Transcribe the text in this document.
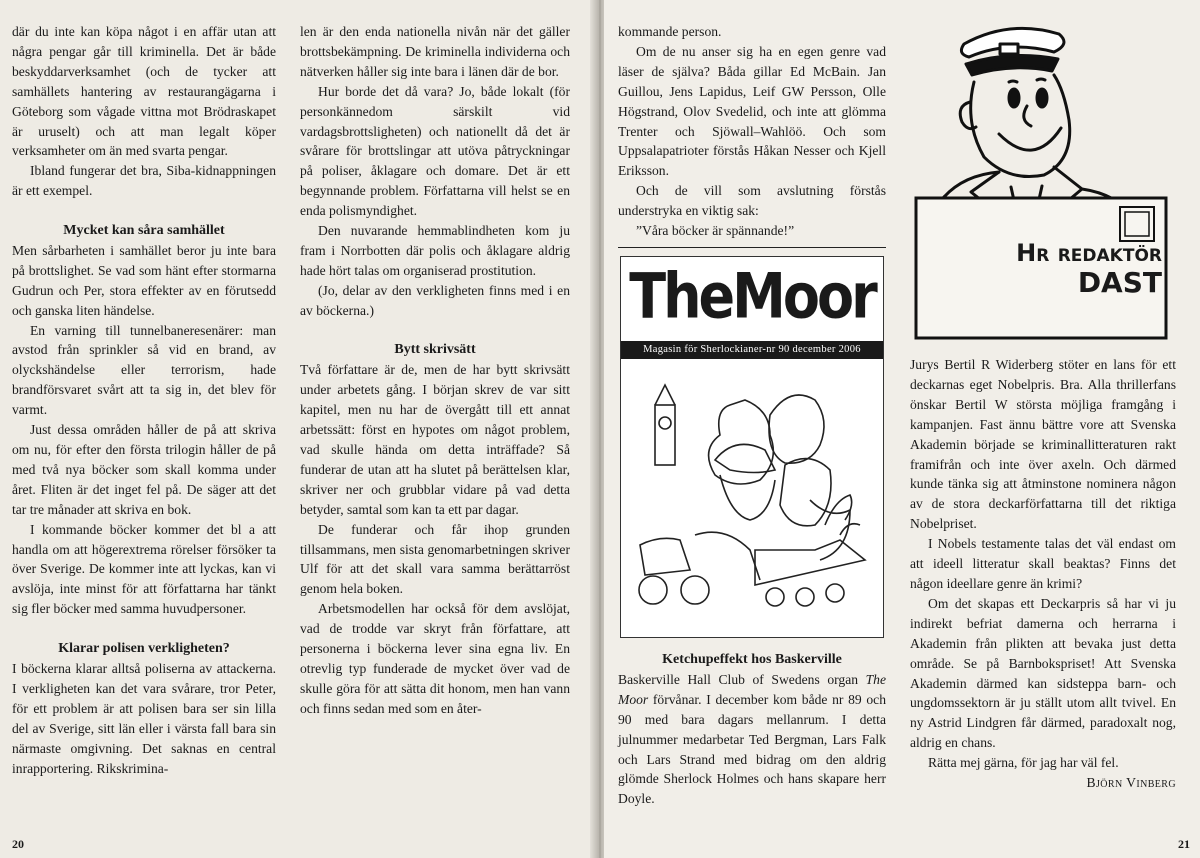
där du inte kan köpa något i en affär utan att några pengar går till kriminella. Det är både beskyddarverksamhet (och de tycker att samhällets hantering av restaurangägarna i Göteborg som vågade vittna mot Brödraskapet är uruselt) och att man legalt köper verksamheter om än med svarta pengar.

Ibland fungerar det bra, Siba-kidnappningen är ett exempel.

Mycket kan såra samhället

Men sårbarheten i samhället beror ju inte bara på brottslighet. Se vad som hänt efter stormarna Gudrun och Per, stora effekter av en förutsedd och ganska liten händelse.

En varning till tunnelbaneresenärer: man avstod från sprinkler så vid en brand, av olyckshändelse eller terrorism, hade brandförsvaret svårt att ta sig in, det blev för varmt.

Just dessa områden håller de på att skriva om nu, för efter den första trilogin håller de på med två nya böcker som skall komma under året. Fliten är det inget fel på. De säger att det tar tre månader att skriva en bok.

I kommande böcker kommer det bl a att handla om att högerextrema rörelser försöker ta över Sverige. De kommer inte att lyckas, kan vi avslöja, inte minst för att författarna har tänkt sig fler böcker med samma huvudpersoner.

Klarar polisen verkligheten?

I böckerna klarar alltså poliserna av attackerna. I verkligheten kan det vara svårare, tror Peter, för ett problem är att polisen bara ser sin lilla del av Sverige, sitt län eller i värsta fall bara sin närmaste omgivning. Det saknas en central inrapportering. Rikskrimina-

len är den enda nationella nivån när det gäller brottsbekämpning. De kriminella individerna och nätverken håller sig inte bara i länen där de bor.

Hur borde det då vara? Jo, både lokalt (för personkännedom särskilt vid vardagsbrottsligheten) och nationellt då det är svårare för brottslingar att utöva påtryckningar på poliser, åklagare och domare. Det är ett begynnande problem. Författarna vill helst se en enda polismyndighet.

Den nuvarande hemmablindheten kom ju fram i Norrbotten där polis och åklagare aldrig hade hört talas om organiserad prostitution.

(Jo, delar av den verkligheten finns med i en av böckerna.)

Bytt skrivsätt

Två författare är de, men de har bytt skrivsätt under arbetets gång. I början skrev de var sitt kapitel, men nu har de övergått till ett annat arbetssätt: först en hypotes om något problem, vad skulle hända om detta inträffade? Så funderar de utan att ha slutet på berättelsen klar, skriver ner och grubblar vidare på vad detta betyder, samtal som kan ta ett par dagar.

De funderar och får ihop grunden tillsammans, men sista genomarbetningen skriver Ulf för att det skall vara samma berättarröst genom hela boken.

Arbetsmodellen har också för dem avslöjat, vad de trodde var skryt från författare, att personerna i böckerna lever sina egna liv. En otrevlig typ funderade de mycket över vad de skulle göra för att sätta dit honom, men han vann och finns sedan med som en åter-

20

kommande person.

Om de nu anser sig ha en egen genre vad läser de själva? Båda gillar Ed McBain. Jan Guillou, Jens Lapidus, Leif GW Persson, Olle Högstrand, Olov Svedelid, och inte att glömma Trenter och Sjöwall–Wahlöö. Och som Uppsalapatrioter förstås Håkan Nesser och Kjell Eriksson.

Och de vill som avslutning förstås understryka en viktig sak:

”Våra böcker är spännande!”

TheMoor
Magasin för Sherlockianer-nr 90 december 2006
Ketchupeffekt hos Baskerville

Baskerville Hall Club of Swedens organ The Moor förvånar. I december kom både nr 89 och 90 med bara dagars mellanrum. I detta julnummer medarbetar Ted Bergman, Lars Falk och Lars Strand med bidrag om den aldrig glömde Sherlock Holmes och hans skapare herr Doyle.

Hr redaktör
DAST

Jurys Bertil R Widerberg stöter en lans för ett deckarnas eget Nobelpris. Bra. Alla thrillerfans önskar Bertil W största möjliga framgång i kampanjen. Fast ännu bättre vore att Svenska Akademin började se kriminallitteraturen rakt framifrån och inte över axeln. Och därmed kunde tänka sig att åtminstone nominera någon av de stora deckarförfattarna till det riktiga Nobelpriset.

I Nobels testamente talas det väl endast om att ideell litteratur skall beaktas? Finns det någon ideellare genre än krimi?

Om det skapas ett Deckarpris så har vi ju indirekt befriat damerna och herrarna i Akademin från plikten att bevaka just detta område. Se på Barnbokspriset! Att Svenska Akademin därmed kan sidsteppa barn- och ungdomssektorn är ju ställt utom allt tvivel. En ny Astrid Lindgren får därmed, paradoxalt nog, aldrig en chans.

Rätta mej gärna, för jag har väl fel.

Björn Vinberg

21
